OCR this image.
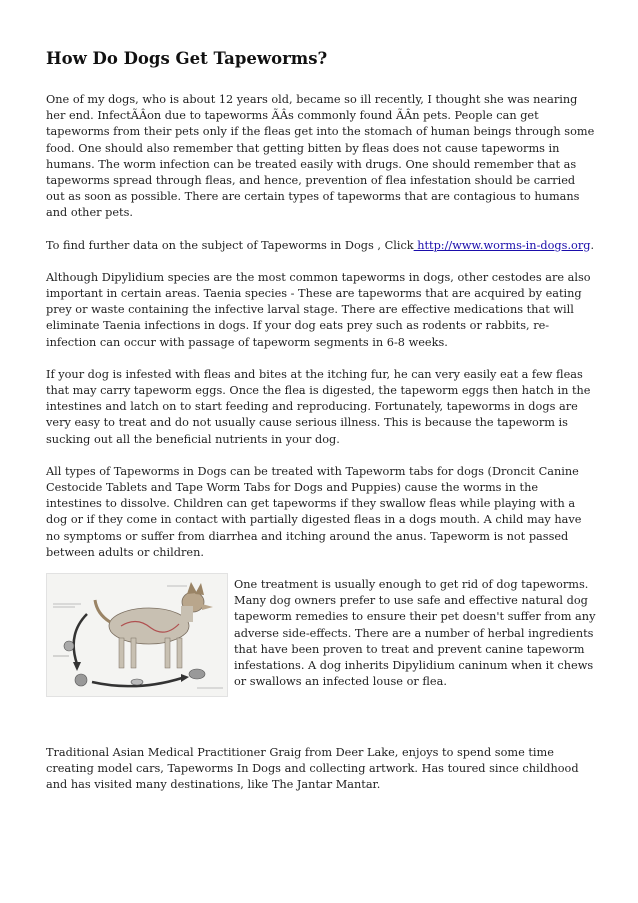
How Do Dogs Get Tapeworms?

One of my dogs, who is about 12 years old, became so ill recently, I thought she was nearing her end. InfectÃÂon due to tapeworms ÃÂs commonly found ÃÂn pets. People can get tapeworms from their pets only if the fleas get into the stomach of human beings through some food. One should also remember that getting bitten by fleas does not cause tapeworms in humans. The worm infection can be treated easily with drugs. One should remember that as tapeworms spread through fleas, and hence, prevention of flea infestation should be carried out as soon as possible. There are certain types of tapeworms that are contagious to humans and other pets.

To find further data on the subject of Tapeworms in Dogs , Click http://www.worms-in-dogs.org.

Although Dipylidium species are the most common tapeworms in dogs, other cestodes are also important in certain areas. Taenia species - These are tapeworms that are acquired by eating prey or waste containing the infective larval stage. There are effective medications that will eliminate Taenia infections in dogs. If your dog eats prey such as rodents or rabbits, re-infection can occur with passage of tapeworm segments in 6-8 weeks.

If your dog is infested with fleas and bites at the itching fur, he can very easily eat a few fleas that may carry tapeworm eggs. Once the flea is digested, the tapeworm eggs then hatch in the intestines and latch on to start feeding and reproducing. Fortunately, tapeworms in dogs are very easy to treat and do not usually cause serious illness. This is because the tapeworm is sucking out all the beneficial nutrients in your dog.

All types of Tapeworms in Dogs can be treated with Tapeworm tabs for dogs (Droncit Canine Cestocide Tablets and Tape Worm Tabs for Dogs and Puppies) cause the worms in the intestines to dissolve. Children can get tapeworms if they swallow fleas while playing with a dog or if they come in contact with partially digested fleas in a dogs mouth. A child may have no symptoms or suffer from diarrhea and itching around the anus. Tapeworm is not passed between adults or children.

One treatment is usually enough to get rid of dog tapeworms. Many dog owners prefer to use safe and effective natural dog tapeworm remedies to ensure their pet doesn't suffer from any adverse side-effects. There are a number of herbal ingredients that have been proven to treat and prevent canine tapeworm infestations. A dog inherits Dipylidium caninum when it chews or swallows an infected louse or flea.

Traditional Asian Medical Practitioner Graig from Deer Lake, enjoys to spend some time creating model cars, Tapeworms In Dogs and collecting artwork. Has toured since childhood and has visited many destinations, like The Jantar Mantar.
